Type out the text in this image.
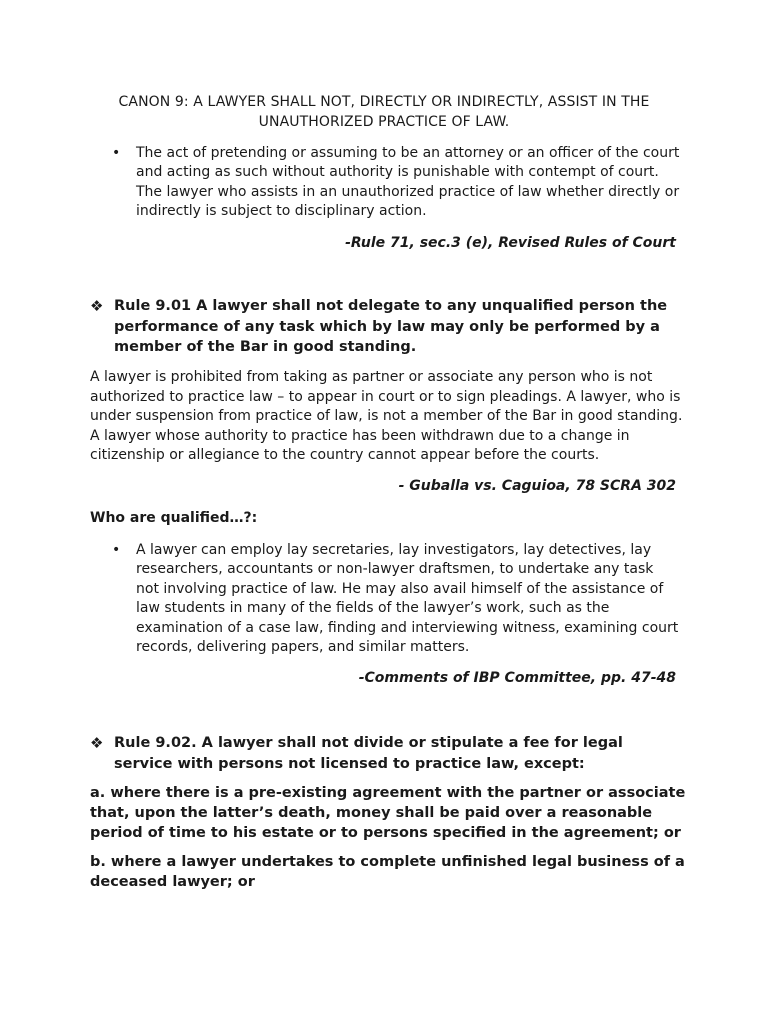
CANON 9: A LAWYER SHALL NOT, DIRECTLY OR INDIRECTLY, ASSIST IN THE UNAUTHORIZED PRACTICE OF LAW.
• The act of pretending or assuming to be an attorney or an officer of the court and acting as such without authority is punishable with contempt of court. The lawyer who assists in an unauthorized practice of law whether directly or indirectly is subject to disciplinary action.
-Rule 71, sec.3 (e), Revised Rules of Court
❖ Rule 9.01 A lawyer shall not delegate to any unqualified person the performance of any task which by law may only be performed by a member of the Bar in good standing.
A lawyer is prohibited from taking as partner or associate any person who is not authorized to practice law – to appear in court or to sign pleadings. A lawyer, who is under suspension from practice of law, is not a member of the Bar in good standing. A lawyer whose authority to practice has been withdrawn due to a change in citizenship or allegiance to the country cannot appear before the courts.
- Guballa vs. Caguioa, 78 SCRA 302
Who are qualified…?:
• A lawyer can employ lay secretaries, lay investigators, lay detectives, lay researchers, accountants or non-lawyer draftsmen, to undertake any task not involving practice of law. He may also avail himself of the assistance of law students in many of the fields of the lawyer’s work, such as the examination of a case law, finding and interviewing witness, examining court records, delivering papers, and similar matters.
-Comments of IBP Committee, pp. 47-48
❖ Rule 9.02. A lawyer shall not divide or stipulate a fee for legal service with persons not licensed to practice law, except:
a. where there is a pre-existing agreement with the partner or associate that, upon the latter’s death, money shall be paid over a reasonable period of time to his estate or to persons specified in the agreement; or
b. where a lawyer undertakes to complete unfinished legal business of a deceased lawyer; or
